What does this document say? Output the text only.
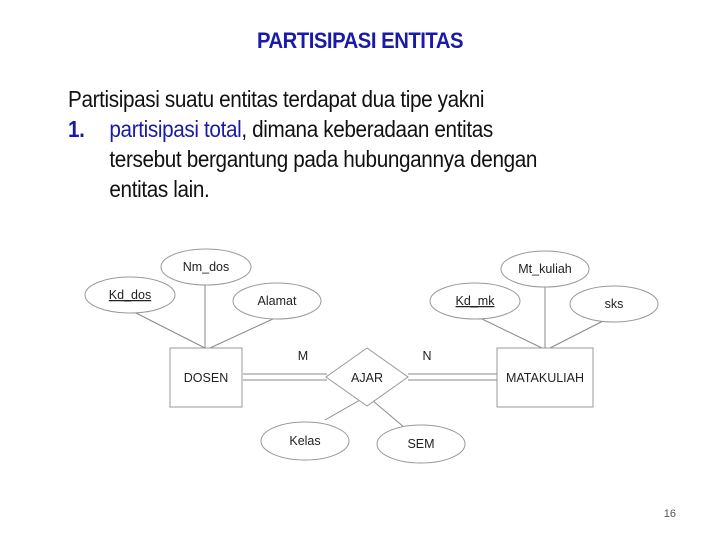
PARTISIPASI ENTITAS
Partisipasi suatu entitas terdapat dua tipe yakni
1. partisipasi total, dimana keberadaan entitas
tersebut bergantung pada hubungannya dengan
entitas lain.
Nm_dos
Kd_dos	Alamat
Mt_kuliah
Kd_mk	sks
Kelas	SEM
DOSEN	MATAKULIAH
AJAR
M	N
16
